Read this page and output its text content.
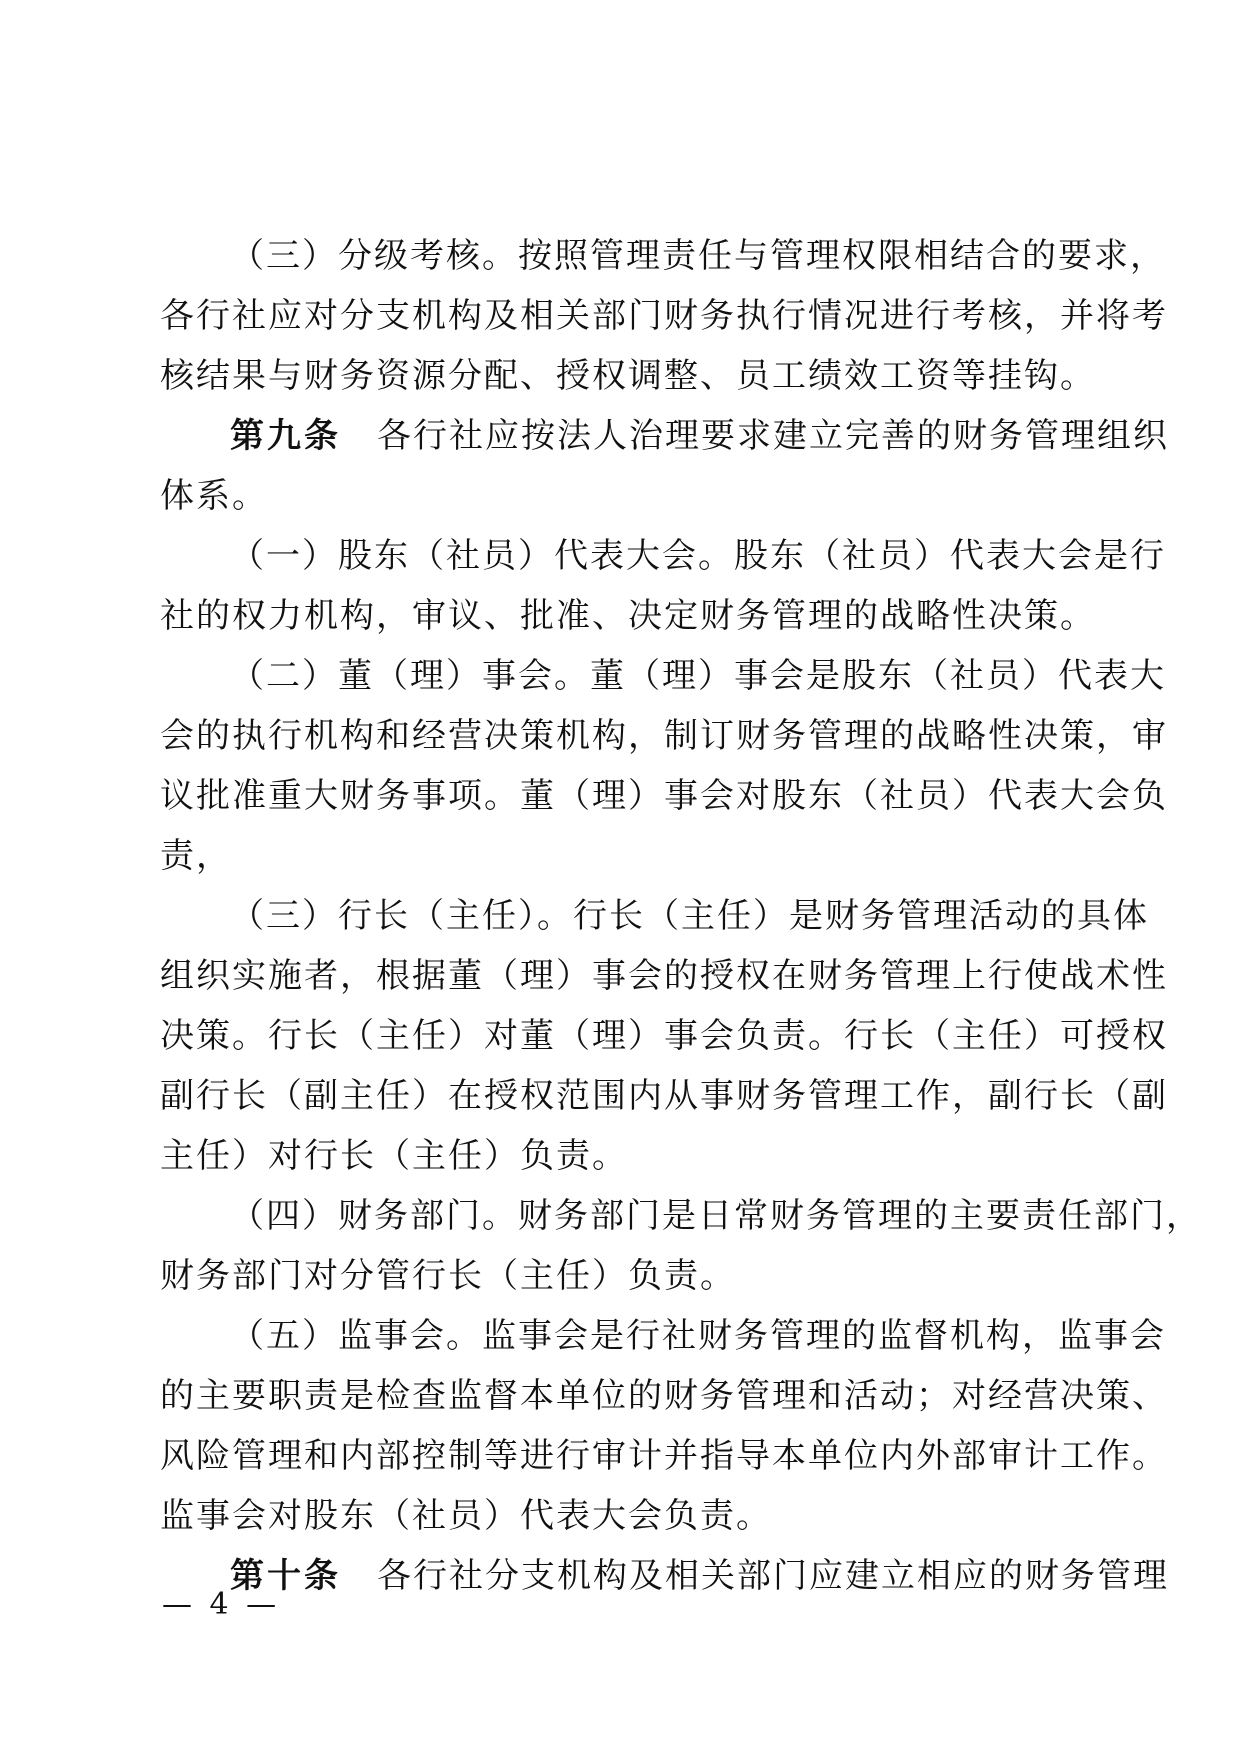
（三）分级考核。按照管理责任与管理权限相结合的要求，
各行社应对分支机构及相关部门财务执行情况进行考核，并将考
核结果与财务资源分配、授权调整、员工绩效工资等挂钩。
第九条 各行社应按法人治理要求建立完善的财务管理组织
体系。
（一）股东（社员）代表大会。股东（社员）代表大会是行
社的权力机构，审议、批准、决定财务管理的战略性决策。
（二）董（理）事会。董（理）事会是股东（社员）代表大
会的执行机构和经营决策机构，制订财务管理的战略性决策，审
议批准重大财务事项。董（理）事会对股东（社员）代表大会负
责，
（三）行长（主任）。行长（主任）是财务管理活动的具体
组织实施者，根据董（理）事会的授权在财务管理上行使战术性
决策。行长（主任）对董（理）事会负责。行长（主任）可授权
副行长（副主任）在授权范围内从事财务管理工作，副行长（副
主任）对行长（主任）负责。
（四）财务部门。财务部门是日常财务管理的主要责任部门，
财务部门对分管行长（主任）负责。
（五）监事会。监事会是行社财务管理的监督机构，监事会
的主要职责是检查监督本单位的财务管理和活动；对经营决策、
风险管理和内部控制等进行审计并指导本单位内外部审计工作。
监事会对股东（社员）代表大会负责。
第十条 各行社分支机构及相关部门应建立相应的财务管理
— 4 —
